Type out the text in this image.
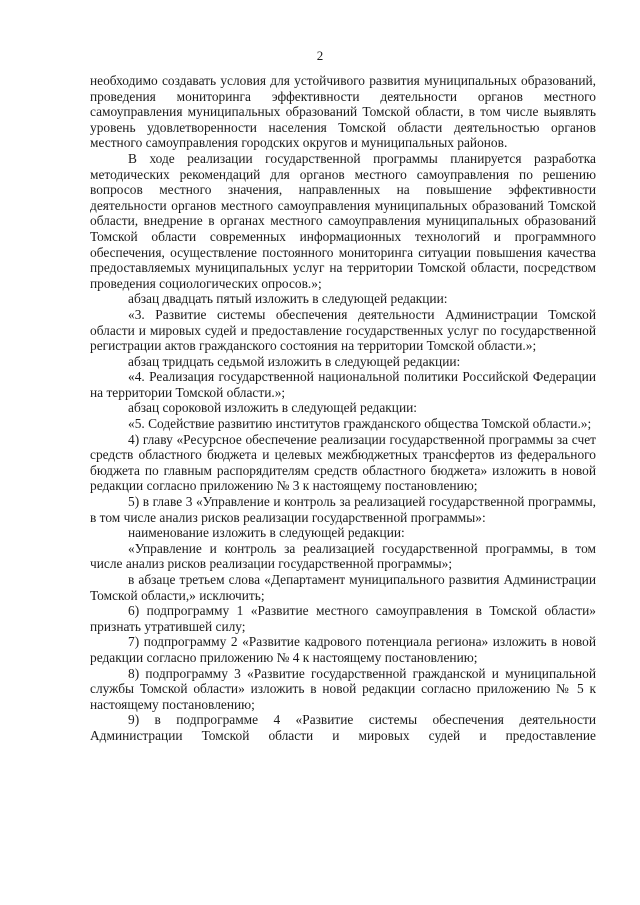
2

необходимо создавать условия для устойчивого развития муниципальных образований, проведения мониторинга эффективности деятельности органов местного самоуправления муниципальных образований Томской области, в том числе выявлять уровень удовлетворенности населения Томской области деятельностью органов местного самоуправления городских округов и муниципальных районов.

В ходе реализации государственной программы планируется разработка методических рекомендаций для органов местного самоуправления по решению вопросов местного значения, направленных на повышение эффективности деятельности органов местного самоуправления муниципальных образований Томской области, внедрение в органах местного самоуправления муниципальных образований Томской области современных информационных технологий и программного обеспечения, осуществление постоянного мониторинга ситуации повышения качества предоставляемых муниципальных услуг на территории Томской области, посредством проведения социологических опросов.»;

абзац двадцать пятый изложить в следующей редакции:

«3. Развитие системы обеспечения деятельности Администрации Томской области и мировых судей и предоставление государственных услуг по государственной регистрации актов гражданского состояния на территории Томской области.»;

абзац тридцать седьмой изложить в следующей редакции:

«4. Реализация государственной национальной политики Российской Федерации на территории Томской области.»;

абзац сороковой изложить в следующей редакции:

«5. Содействие развитию институтов гражданского общества Томской области.»;

4) главу «Ресурсное обеспечение реализации государственной программы за счет средств областного бюджета и целевых межбюджетных трансфертов из федерального бюджета по главным распорядителям средств областного бюджета» изложить в новой редакции согласно приложению № 3 к настоящему постановлению;

5) в главе 3 «Управление и контроль за реализацией государственной программы, в том числе анализ рисков реализации государственной программы»:

наименование изложить в следующей редакции:

«Управление и контроль за реализацией государственной программы, в том числе анализ рисков реализации государственной программы»;

в абзаце третьем слова «Департамент муниципального развития Администрации Томской области,» исключить;

6) подпрограмму 1 «Развитие местного самоуправления в Томской области» признать утратившей силу;

7) подпрограмму 2 «Развитие кадрового потенциала региона» изложить в новой редакции согласно приложению № 4 к настоящему постановлению;

8) подпрограмму 3 «Развитие государственной гражданской и муниципальной службы Томской области» изложить в новой редакции согласно приложению № 5 к настоящему постановлению;

9) в подпрограмме 4 «Развитие системы обеспечения деятельности Администрации Томской области и мировых судей и предоставление
